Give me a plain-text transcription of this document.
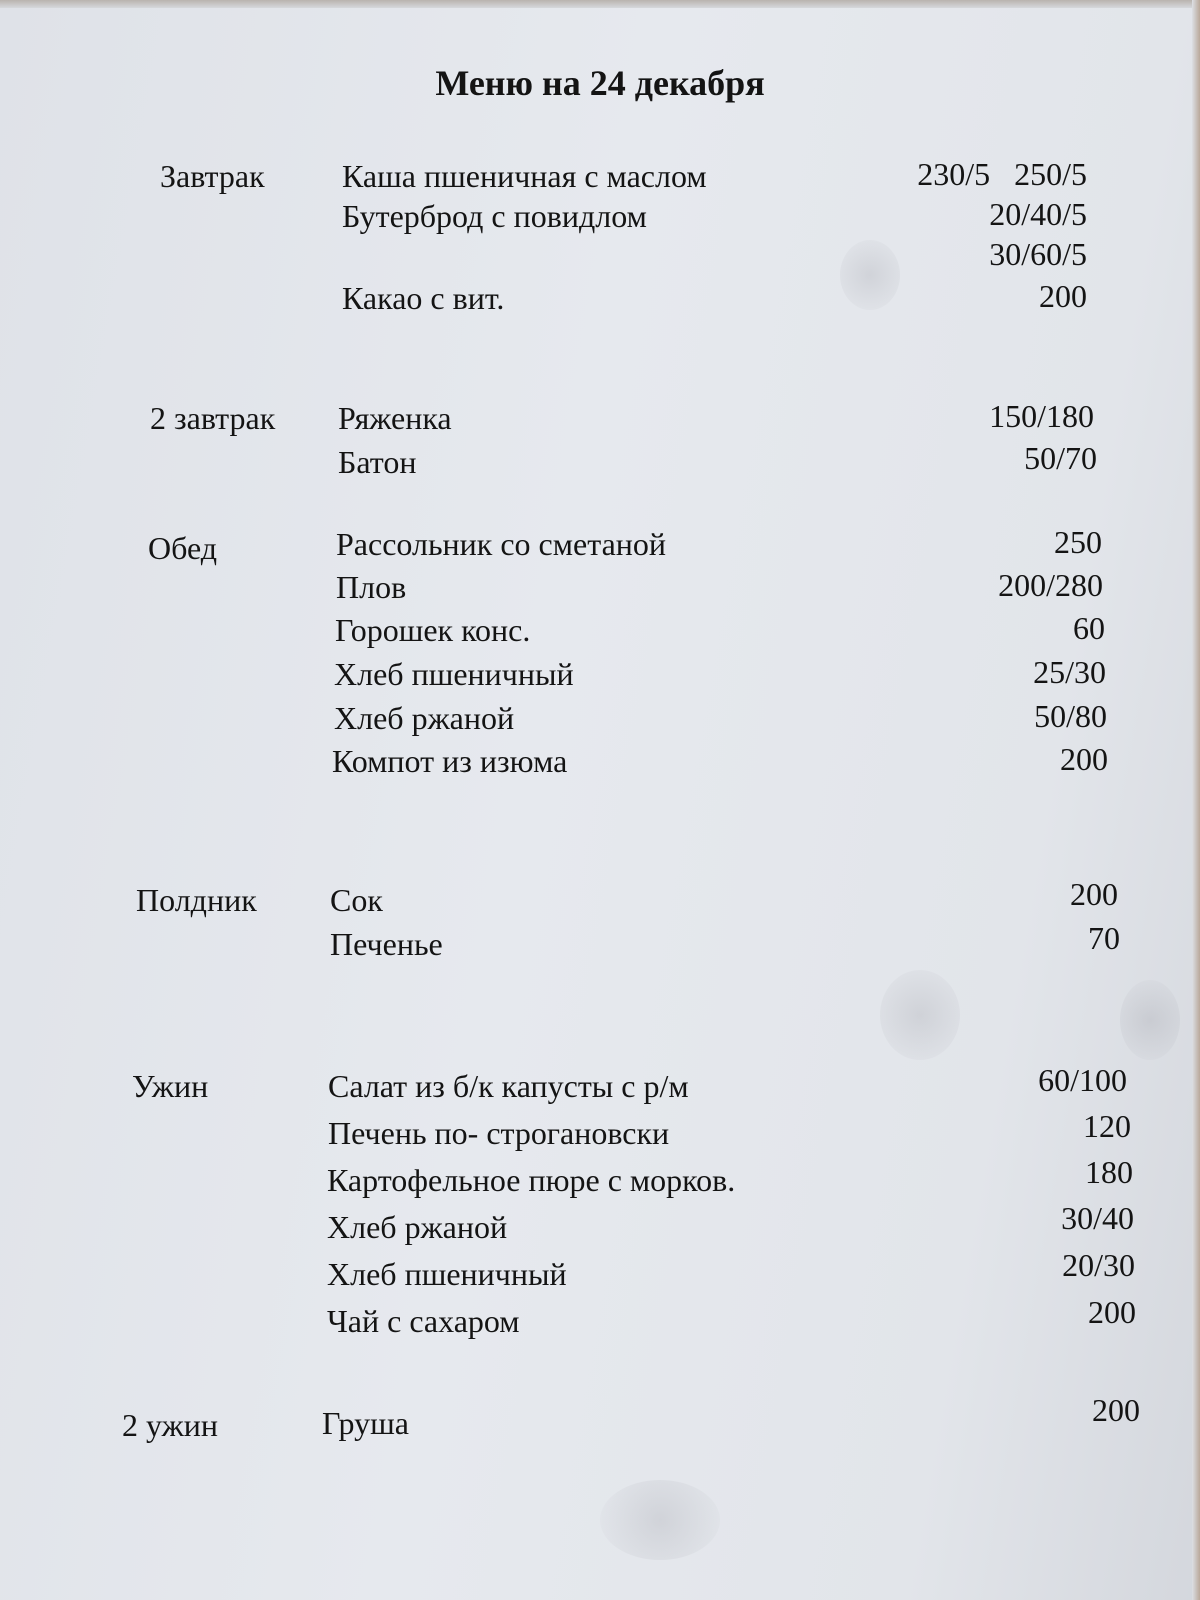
Меню на 24 декабря
Завтрак Каша пшеничная с маслом	230/5   250/5
Бутерброд с повидлом	20/40/5
30/60/5
Какао с вит.	200
2 завтрак Ряженка	150/180
Батон	50/70
Обед	Рассольник со сметаной	250
Плов	200/280
Горошек конс.	60
Хлеб пшеничный	25/30
Хлеб ржаной	50/80
Компот из изюма	200
Полдник Сок	200
Печенье	70
Ужин	Салат из б/к капусты с р/м	60/100
Печень по- строгановски	120
Картофельное пюре с морков.	180
Хлеб ржаной	30/40
Хлеб пшеничный	20/30
Чай с сахаром	200
2 ужин	Груша	200
